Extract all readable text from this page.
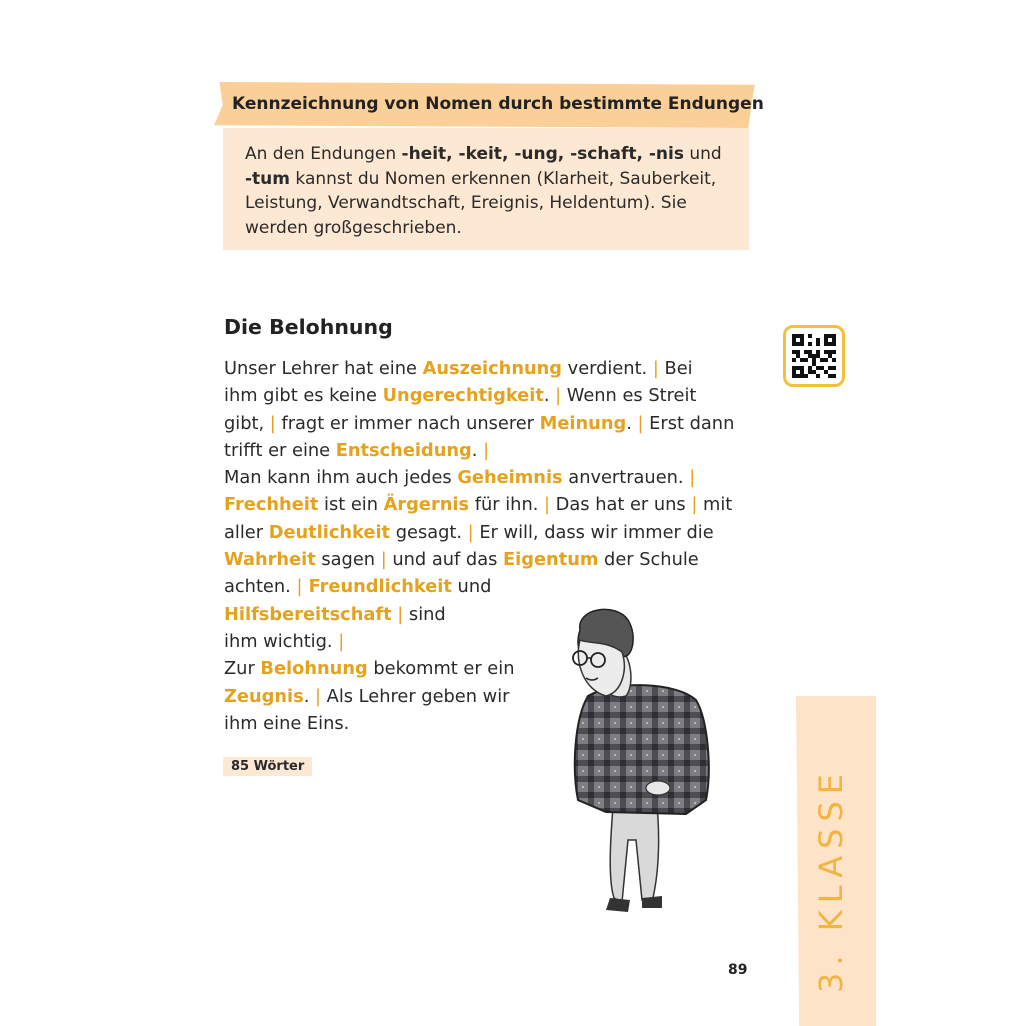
Kennzeichnung von Nomen durch bestimmte Endungen
An den Endungen -heit, -keit, -ung, -schaft, -nis und
-tum kannst du Nomen erkennen (Klarheit, Sauberkeit,
Leistung, Verwandtschaft, Ereignis, Heldentum). Sie
werden großgeschrieben.
Die Belohnung
Unser Lehrer hat eine Auszeichnung verdient. | Bei
ihm gibt es keine Ungerechtigkeit. | Wenn es Streit
gibt, | fragt er immer nach unserer Meinung. | Erst dann
trifft er eine Entscheidung. |
Man kann ihm auch jedes Geheimnis anvertrauen. |
Frechheit ist ein Ärgernis für ihn. | Das hat er uns | mit
aller Deutlichkeit gesagt. | Er will, dass wir immer die
Wahrheit sagen | und auf das Eigentum der Schule
achten. | Freundlichkeit und
Hilfsbereitschaft | sind
ihm wichtig. |
Zur Belohnung bekommt er ein
Zeugnis. | Als Lehrer geben wir
ihm eine Eins.
85 Wörter
3. KLASSE
89
